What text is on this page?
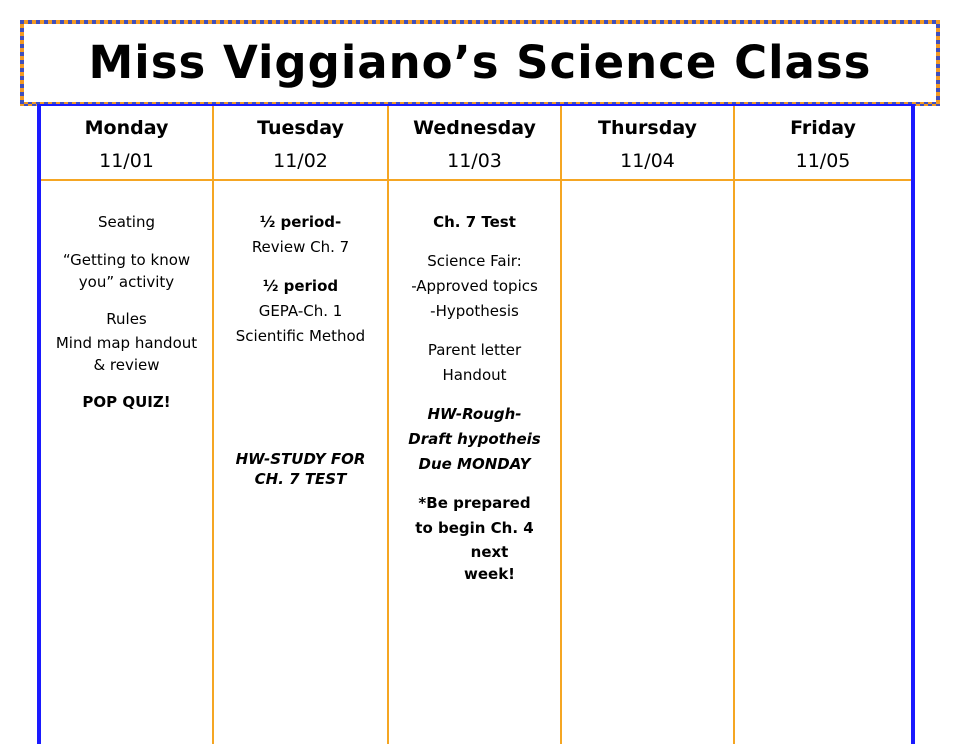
Miss Viggiano’s Science Class
Monday
11/01
Tuesday
11/02
Wednesday
11/03
Thursday
11/04
Friday
11/05
Seating
“Getting to know you” activity
Rules
Mind map handout & review
POP QUIZ!
½ period-
Review Ch. 7
½ period
GEPA-Ch. 1
Scientific Method
HW-STUDY FOR CH. 7 TEST
Ch. 7 Test
Science Fair:
-Approved topics
-Hypothesis
Parent letter
Handout
HW-Rough-
Draft hypotheis
Due MONDAY
*Be prepared
to begin Ch. 4
next
week!
